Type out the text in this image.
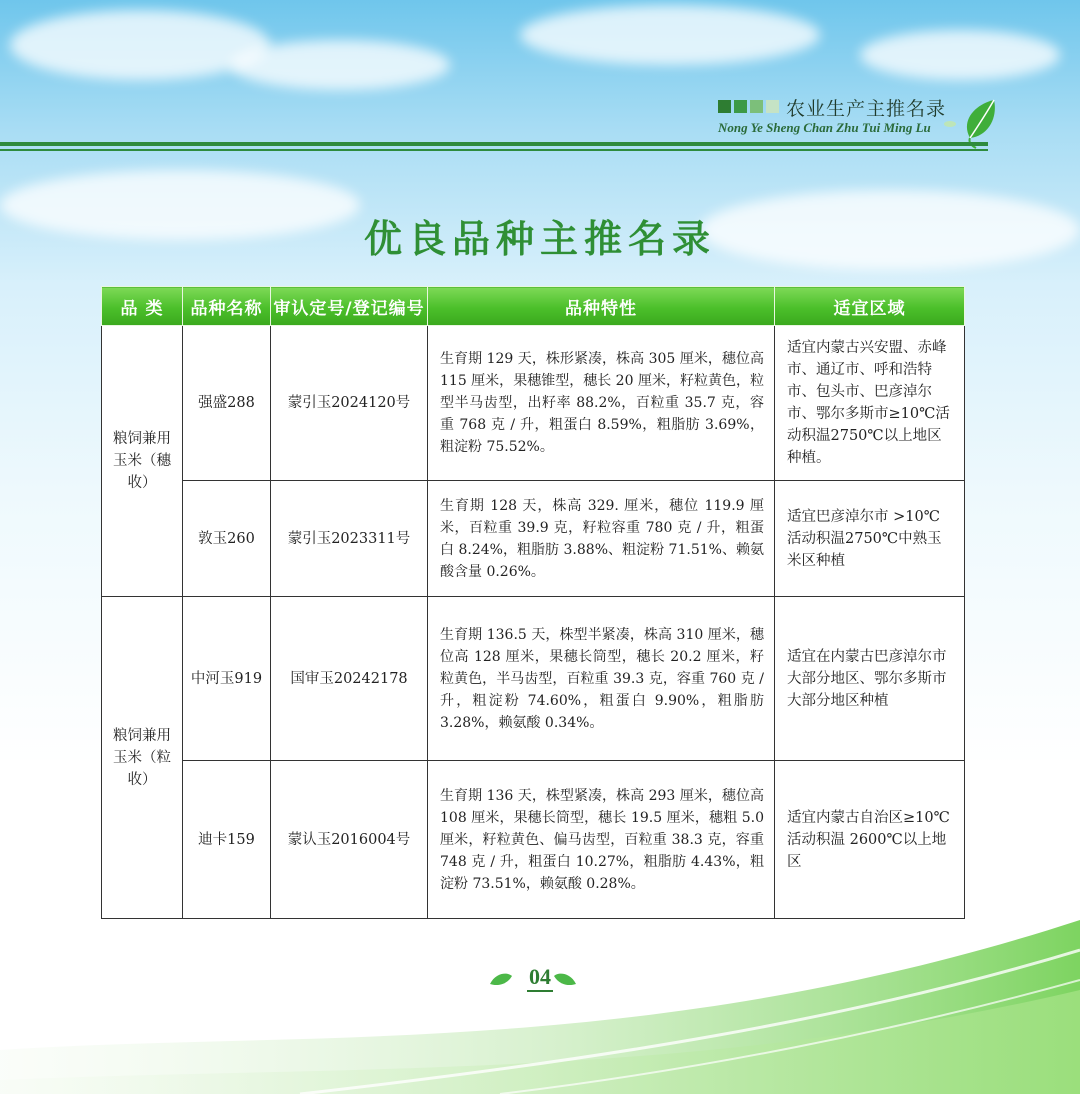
农业生产主推名录
Nong Ye Sheng Chan Zhu Tui Ming Lu
优良品种主推名录
品 类	品种名称	审认定号/登记编号	品种特性	适宜区域
粮饲兼用玉米（穗收）	强盛288	蒙引玉2024120号	生育期 129 天，株形紧凑，株高 305 厘米，穗位高 115 厘米，果穗锥型，穗长 20 厘米，籽粒黄色，粒型半马齿型，出籽率 88.2%，百粒重 35.7 克，容重 768 克 / 升，粗蛋白 8.59%，粗脂肪 3.69%，粗淀粉 75.52%。	适宜内蒙古兴安盟、赤峰市、通辽市、呼和浩特市、包头市、巴彦淖尔市、鄂尔多斯市≥10℃活动积温2750℃以上地区种植。
	敦玉260	蒙引玉2023311号	生育期 128 天，株高 329. 厘米，穗位 119.9 厘米，百粒重 39.9 克，籽粒容重 780 克 / 升，粗蛋白 8.24%，粗脂肪 3.88%、粗淀粉 71.51%、赖氨酸含量 0.26%。	适宜巴彦淖尔市 >10℃活动积温2750℃中熟玉米区种植
粮饲兼用玉米（粒收）	中河玉919	国审玉20242178	生育期 136.5 天，株型半紧凑，株高 310 厘米，穗位高 128 厘米，果穗长筒型，穗长 20.2 厘米，籽粒黄色，半马齿型，百粒重 39.3 克，容重 760 克 / 升，粗淀粉 74.60%，粗蛋白 9.90%，粗脂肪 3.28%，赖氨酸 0.34%。	适宜在内蒙古巴彦淖尔市大部分地区、鄂尔多斯市大部分地区种植
	迪卡159	蒙认玉2016004号	生育期 136 天，株型紧凑，株高 293 厘米，穗位高 108 厘米，果穗长筒型，穗长 19.5 厘米，穗粗 5.0 厘米，籽粒黄色、偏马齿型，百粒重 38.3 克，容重 748 克 / 升，粗蛋白 10.27%，粗脂肪 4.43%，粗淀粉 73.51%，赖氨酸 0.28%。	适宜内蒙古自治区≥10℃活动积温 2600℃以上地区
04
